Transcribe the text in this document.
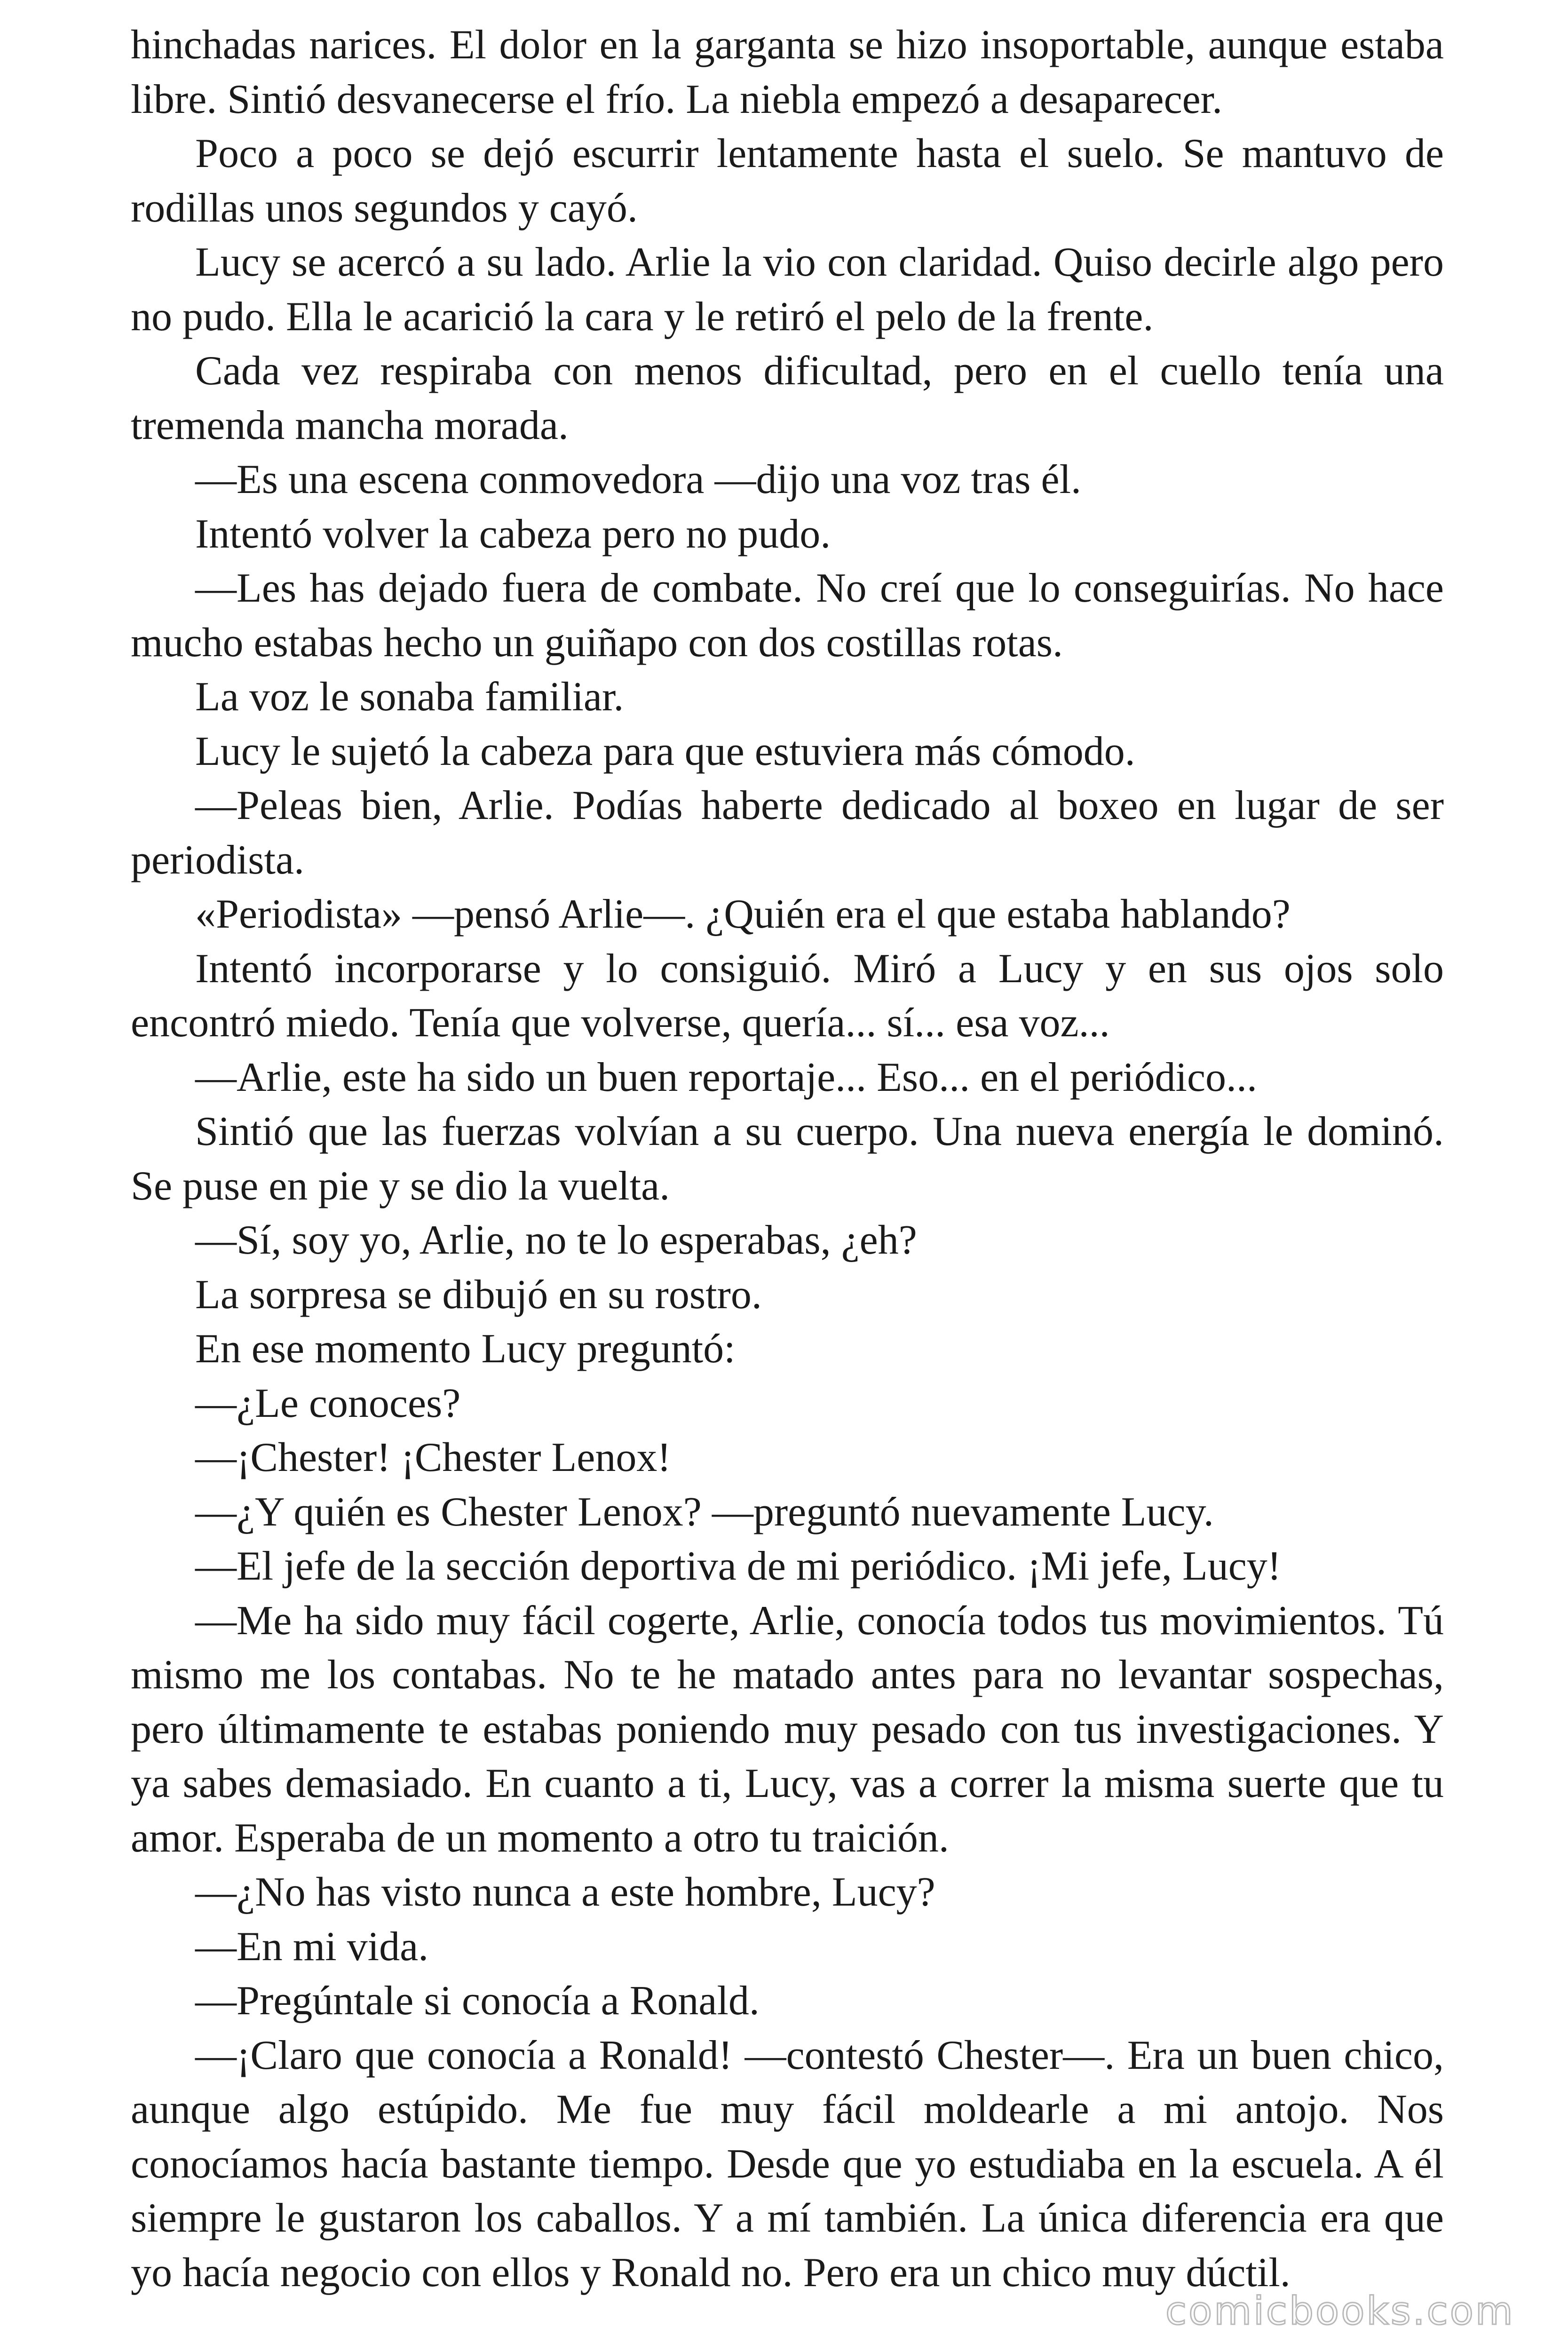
hinchadas narices. El dolor en la garganta se hizo insoportable, aunque estaba libre. Sintió desvanecerse el frío. La niebla empezó a desaparecer.

Poco a poco se dejó escurrir lentamente hasta el suelo. Se mantuvo de rodillas unos segundos y cayó.

Lucy se acercó a su lado. Arlie la vio con claridad. Quiso decirle algo pero no pudo. Ella le acarició la cara y le retiró el pelo de la frente.

Cada vez respiraba con menos dificultad, pero en el cuello tenía una tremenda mancha morada.

—Es una escena conmovedora —dijo una voz tras él.

Intentó volver la cabeza pero no pudo.

—Les has dejado fuera de combate. No creí que lo conseguirías. No hace mucho estabas hecho un guiñapo con dos costillas rotas.

La voz le sonaba familiar.

Lucy le sujetó la cabeza para que estuviera más cómodo.

—Peleas bien, Arlie. Podías haberte dedicado al boxeo en lugar de ser periodista.

«Periodista» —pensó Arlie—. ¿Quién era el que estaba hablando?

Intentó incorporarse y lo consiguió. Miró a Lucy y en sus ojos solo encontró miedo. Tenía que volverse, quería... sí... esa voz...

—Arlie, este ha sido un buen reportaje... Eso... en el periódico...

Sintió que las fuerzas volvían a su cuerpo. Una nueva energía le dominó. Se puse en pie y se dio la vuelta.

—Sí, soy yo, Arlie, no te lo esperabas, ¿eh?

La sorpresa se dibujó en su rostro.

En ese momento Lucy preguntó:

—¿Le conoces?

—¡Chester! ¡Chester Lenox!

—¿Y quién es Chester Lenox? —preguntó nuevamente Lucy.

—El jefe de la sección deportiva de mi periódico. ¡Mi jefe, Lucy!

—Me ha sido muy fácil cogerte, Arlie, conocía todos tus movimientos. Tú mismo me los contabas. No te he matado antes para no levantar sospechas, pero últimamente te estabas poniendo muy pesado con tus investigaciones. Y ya sabes demasiado. En cuanto a ti, Lucy, vas a correr la misma suerte que tu amor. Esperaba de un momento a otro tu traición.

—¿No has visto nunca a este hombre, Lucy?

—En mi vida.

—Pregúntale si conocía a Ronald.

—¡Claro que conocía a Ronald! —contestó Chester—. Era un buen chico, aunque algo estúpido. Me fue muy fácil moldearle a mi antojo. Nos conocíamos hacía bastante tiempo. Desde que yo estudiaba en la escuela. A él siempre le gustaron los caballos. Y a mí también. La única diferencia era que yo hacía negocio con ellos y Ronald no. Pero era un chico muy dúctil.

comicbooks.com
